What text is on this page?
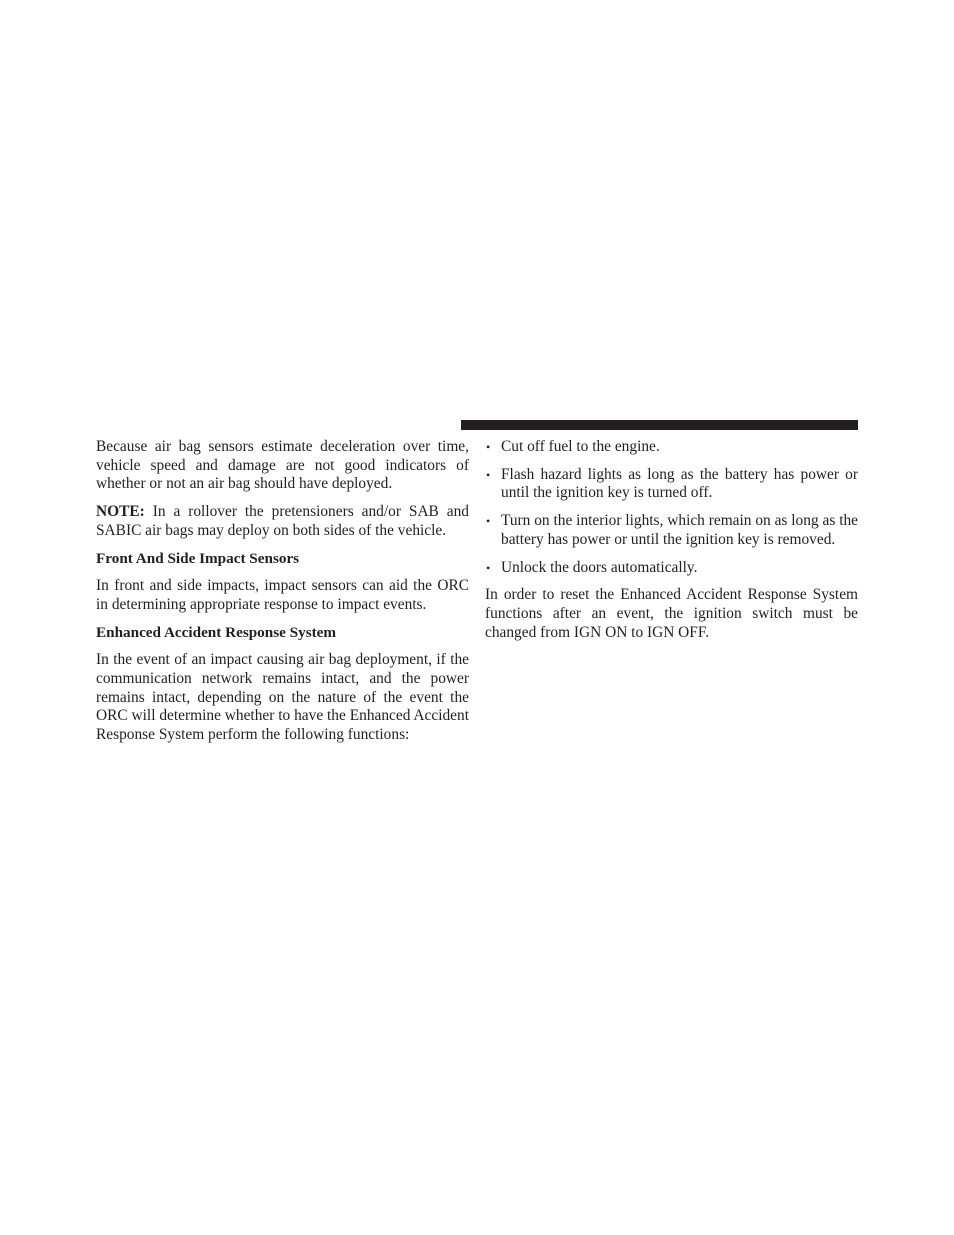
Because air bag sensors estimate deceleration over time, vehicle speed and damage are not good indicators of whether or not an air bag should have deployed.

NOTE: In a rollover the pretensioners and/or SAB and SABIC air bags may deploy on both sides of the vehicle.

Front And Side Impact Sensors

In front and side impacts, impact sensors can aid the ORC in determining appropriate response to impact events.

Enhanced Accident Response System

In the event of an impact causing air bag deployment, if the communication network remains intact, and the power remains intact, depending on the nature of the event the ORC will determine whether to have the Enhanced Accident Response System perform the following functions:

• Cut off fuel to the engine.
• Flash hazard lights as long as the battery has power or until the ignition key is turned off.
• Turn on the interior lights, which remain on as long as the battery has power or until the ignition key is removed.
• Unlock the doors automatically.

In order to reset the Enhanced Accident Response System functions after an event, the ignition switch must be changed from IGN ON to IGN OFF.
